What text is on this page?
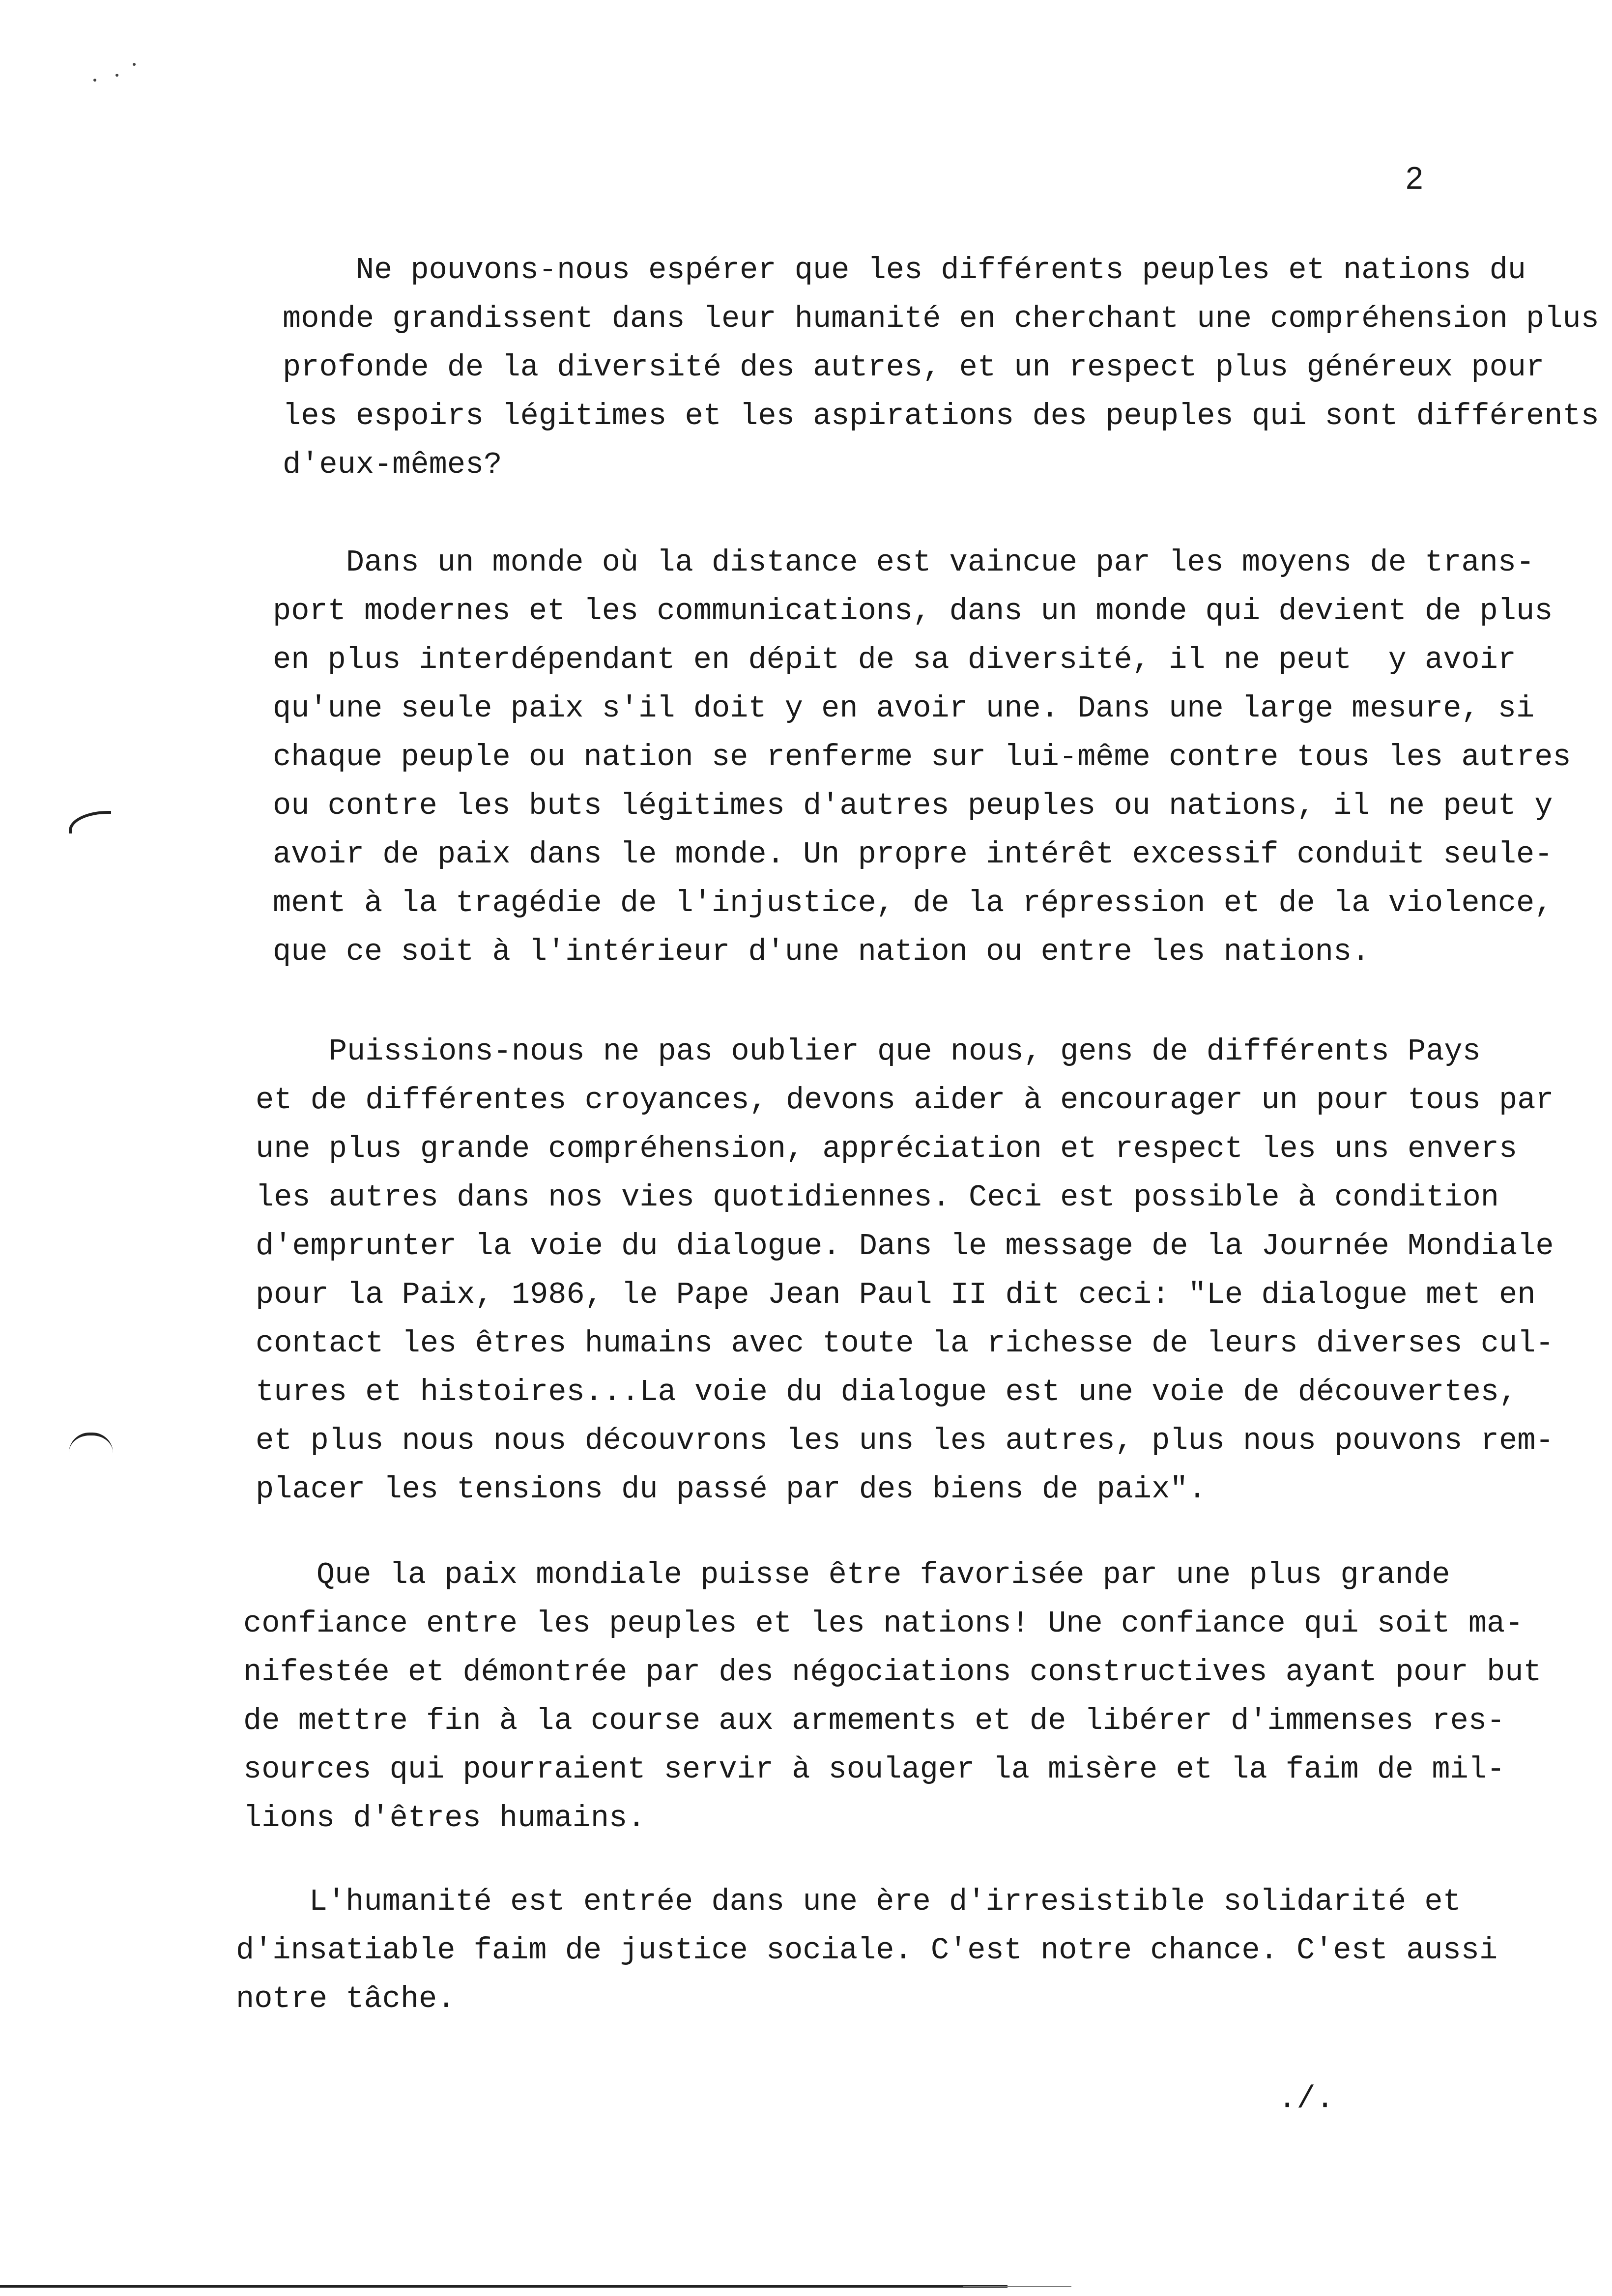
2
Ne pouvons-nous espérer que les différents peuples et nations du
monde grandissent dans leur humanité en cherchant une compréhension plus
profonde de la diversité des autres, et un respect plus généreux pour
les espoirs légitimes et les aspirations des peuples qui sont différents
d'eux-mêmes?
Dans un monde où la distance est vaincue par les moyens de trans-
port modernes et les communications, dans un monde qui devient de plus
en plus interdépendant en dépit de sa diversité, il ne peut  y avoir
qu'une seule paix s'il doit y en avoir une. Dans une large mesure, si
chaque peuple ou nation se renferme sur lui-même contre tous les autres
ou contre les buts légitimes d'autres peuples ou nations, il ne peut y
avoir de paix dans le monde. Un propre intérêt excessif conduit seule-
ment à la tragédie de l'injustice, de la répression et de la violence,
que ce soit à l'intérieur d'une nation ou entre les nations.
Puissions-nous ne pas oublier que nous, gens de différents Pays
et de différentes croyances, devons aider à encourager un pour tous par
une plus grande compréhension, appréciation et respect les uns envers
les autres dans nos vies quotidiennes. Ceci est possible à condition
d'emprunter la voie du dialogue. Dans le message de la Journée Mondiale
pour la Paix, 1986, le Pape Jean Paul II dit ceci: "Le dialogue met en
contact les êtres humains avec toute la richesse de leurs diverses cul-
tures et histoires...La voie du dialogue est une voie de découvertes,
et plus nous nous découvrons les uns les autres, plus nous pouvons rem-
placer les tensions du passé par des biens de paix".
Que la paix mondiale puisse être favorisée par une plus grande
confiance entre les peuples et les nations! Une confiance qui soit ma-
nifestée et démontrée par des négociations constructives ayant pour but
de mettre fin à la course aux armements et de libérer d'immenses res-
sources qui pourraient servir à soulager la misère et la faim de mil-
lions d'êtres humains.
L'humanité est entrée dans une ère d'irresistible solidarité et
d'insatiable faim de justice sociale. C'est notre chance. C'est aussi
notre tâche.
./.
